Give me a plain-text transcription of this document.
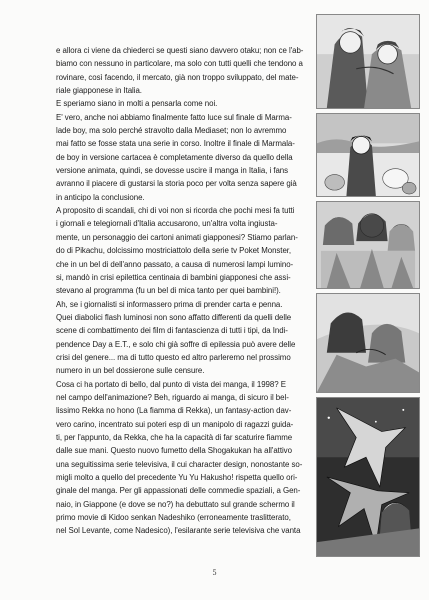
e allora ci viene da chiederci se questi siano davvero otaku; non ce l'ab-
biamo con nessuno in particolare, ma solo con tutti quelli che tendono a
rovinare, così facendo, il mercato, già non troppo sviluppato, del mate-
riale giapponese in Italia.
E speriamo siano in molti a pensarla come noi.
E' vero, anche noi abbiamo finalmente fatto luce sul finale di Marma-
lade boy, ma solo perché stravolto dalla Mediaset; non lo avremmo
mai fatto se fosse stata una serie in corso. Inoltre il finale di Marmala-
de boy in versione cartacea è completamente diverso da quello della
versione animata, quindi, se dovesse uscire il manga in Italia, i fans
avranno il piacere di gustarsi la storia poco per volta senza sapere già
in anticipo la conclusione.
A proposito di scandali, chi di voi non si ricorda che pochi mesi fa tutti
i giornali e telegiornali d'Italia accusarono, un'altra volta ingiusta-
mente, un personaggio dei cartoni animati giapponesi? Stiamo parlan-
do di Pikachu, dolcissimo mostriciattolo della serie tv Poket Monster,
che in un bel di dell'anno passato, a causa di numerosi lampi lumino-
si, mandò in crisi epilettica centinaia di bambini giapponesi che assi-
stevano al programma (fu un bel di mica tanto per quei bambini!).
Ah, se i giornalisti si informassero prima di prender carta e penna.
Quei diabolici flash luminosi non sono affatto differenti da quelli delle
scene di combattimento dei film di fantascienza di tutti i tipi, da Indi-
pendence Day a E.T., e solo chi già soffre di epilessia può avere delle
crisi del genere... ma di tutto questo ed altro parleremo nel prossimo
numero in un bel dossierone sulle censure.
Cosa ci ha portato di bello, dal punto di vista dei manga, il 1998? E
nel campo dell'animazione? Beh, riguardo ai manga, di sicuro il bel-
lissimo Rekka no hono (La fiamma di Rekka), un fantasy-action dav-
vero carino, incentrato sui poteri esp di un manipolo di ragazzi guida-
ti, per l'appunto, da Rekka, che ha la capacità di far scaturire fiamme
dalle sue mani. Questo nuovo fumetto della Shogakukan ha all'attivo
una seguitissima serie televisiva, il cui character design, nonostante so-
migli molto a quello del precedente Yu Yu Hakusho! rispetta quello ori-
ginale del manga. Per gli appassionati delle commedie spaziali, a Gen-
naio, in Giappone (e dove se no?) ha debuttato sul grande schermo il
primo movie di Kidoo senkan Nadeshiko (erroneamente traslitterato,
nel Sol Levante, come Nadesico), l'esilarante serie televisiva che vanta
5
